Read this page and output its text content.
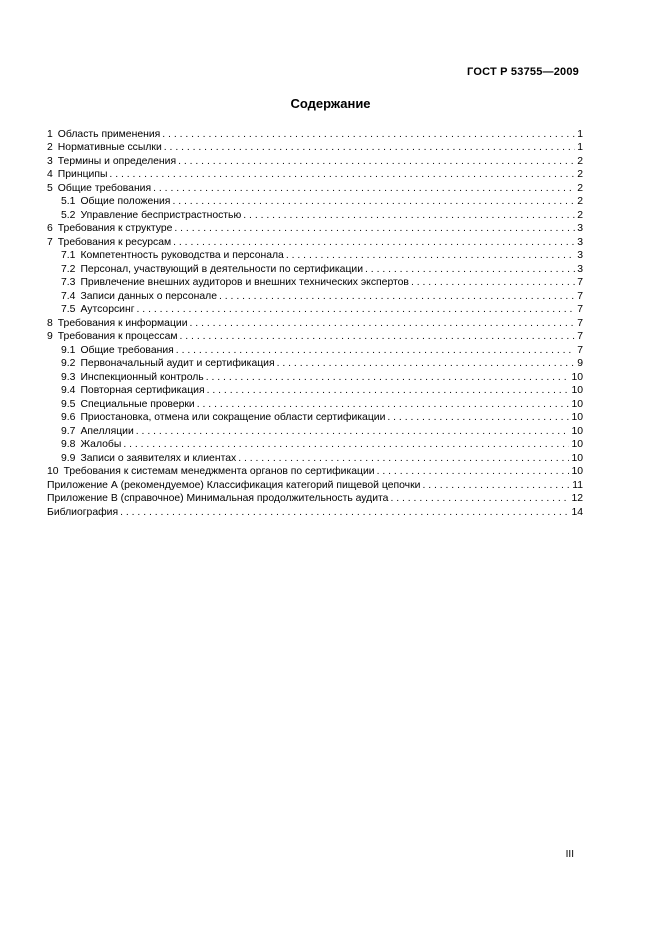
ГОСТ Р 53755—2009
Содержание
1 Область применения . . .	1
2 Нормативные ссылки . . .	1
3 Термины и определения . . .	2
4 Принципы . . .	2
5 Общие требования . . .	2
5.1 Общие положения . . .	2
5.2 Управление беспристрастностью . . .	2
6 Требования к структуре . . .	3
7 Требования к ресурсам . . .	3
7.1 Компетентность руководства и персонала . . .	3
7.2 Персонал, участвующий в деятельности по сертификации . . .	3
7.3 Привлечение внешних аудиторов и внешних технических экспертов . . .	7
7.4 Записи данных о персонале . . .	7
7.5 Аутсорсинг . . .	7
8 Требования к информации . . .	7
9 Требования к процессам . . .	7
9.1 Общие требования . . .	7
9.2 Первоначальный аудит и сертификация . . .	9
9.3 Инспекционный контроль . . .	10
9.4 Повторная сертификация . . .	10
9.5 Специальные проверки . . .	10
9.6 Приостановка, отмена или сокращение области сертификации . . .	10
9.7 Апелляции . . .	10
9.8 Жалобы . . .	10
9.9 Записи о заявителях и клиентах . . .	10
10 Требования к системам менеджмента органов по сертификации . . .	10
Приложение А (рекомендуемое) Классификация категорий пищевой цепочки . . .	11
Приложение В (справочное) Минимальная продолжительность аудита . . .	12
Библиография . . .	14
III
